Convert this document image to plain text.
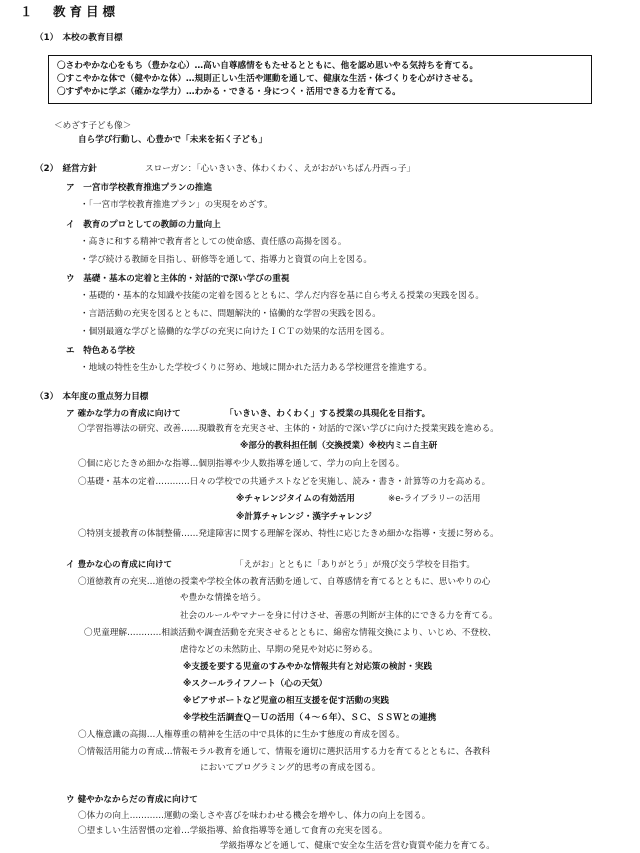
１　教育目標
（1）　本校の教育目標
〇さわやかな心をもち（豊かな心）…高い自尊感情をもたせるとともに、他を認め思いやる気持ちを育てる。
〇すこやかな体で（健やかな体）…規則正しい生活や運動を通して、健康な生活・体づくりを心がけさせる。
〇すずやかに学ぶ（確かな学力）…わかる・できる・身につく・活用できる力を育てる。
＜めざす子ども像＞
自ら学び行動し、心豊かで「未来を拓く子ども」
（2）　経営方針	スローガン：「心いきいき、体わくわく、えがおがいちばん丹西っ子」
ア　一宮市学校教育推進プランの推進
・「一宮市学校教育推進プラン」の実現をめざす。
イ　教育のプロとしての教師の力量向上
・高きに和する精神で教育者としての使命感、責任感の高揚を図る。
・学び続ける教師を目指し、研修等を通して、指導力と資質の向上を図る。
ウ　基礎・基本の定着と主体的・対話的で深い学びの重視
・基礎的・基本的な知識や技能の定着を図るとともに、学んだ内容を基に自ら考える授業の実践を図る。
・言語活動の充実を図るとともに、問題解決的・協働的な学習の実践を図る。
・個別最適な学びと協働的な学びの充実に向けたＩＣＴの効果的な活用を図る。
エ　特色ある学校
・地域の特性を生かした学校づくりに努め、地域に開かれた活力ある学校運営を推進する。
（3）　本年度の重点努力目標
ア 確かな学力の育成に向けて	「いきいき、わくわく」する授業の具現化を目指す。
〇学習指導法の研究、改善……現職教育を充実させ、主体的・対話的で深い学びに向けた授業実践を進める。
※部分的教科担任制（交換授業）※校内ミニ自主研
〇個に応じたきめ細かな指導…個別指導や少人数指導を通して、学力の向上を図る。
〇基礎・基本の定着…………日々の学校での共通テストなどを実施し、読み・書き・計算等の力を高める。
※チャレンジタイムの有効活用	※e-ライブラリーの活用
※計算チャレンジ・漢字チャレンジ
〇特別支援教育の体制整備……発達障害に関する理解を深め、特性に応じたきめ細かな指導・支援に努める。
イ 豊かな心の育成に向けて	「えがお」とともに「ありがとう」が飛び交う学校を目指す。
〇道徳教育の充実…道徳の授業や学校全体の教育活動を通して、自尊感情を育てるとともに、思いやりの心
や豊かな情操を培う。
社会のルールやマナーを身に付けさせ、善悪の判断が主体的にできる力を育てる。
〇児童理解…………相談活動や調査活動を充実させるとともに、綿密な情報交換により、いじめ、不登校、
虐待などの未然防止、早期の発見や対応に努める。
※支援を要する児童のすみやかな情報共有と対応策の検討・実践
※スクールライフノート（心の天気）
※ピアサポートなど児童の相互支援を促す活動の実践
※学校生活調査Ｑ－Ｕの活用（４～６年）、ＳＣ、ＳＳＷとの連携
〇人権意識の高揚…人権尊重の精神を生活の中で具体的に生かす態度の育成を図る。
〇情報活用能力の育成…情報モラル教育を通して、情報を適切に選択活用する力を育てるとともに、各教科
においてプログラミング的思考の育成を図る。
ウ 健やかなからだの育成に向けて
〇体力の向上…………運動の楽しさや喜びを味わわせる機会を増やし、体力の向上を図る。
〇望ましい生活習慣の定着…学級指導、給食指導等を通して食育の充実を図る。
学級指導などを通して、健康で安全な生活を営む資質や能力を育てる。
